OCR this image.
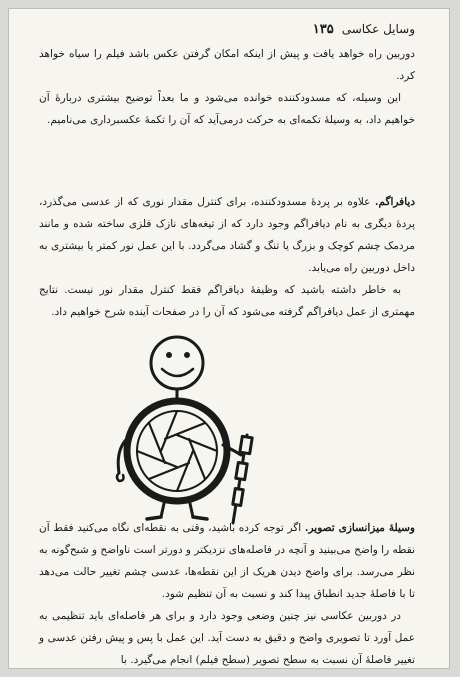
وسایل عکاسی
۱۳۵

دوربین راه خواهد یافت و پیش از اینکه امکان گرفتن عکس باشد فیلم را سیاه خواهد کرد.

این وسیله، که مسدودکننده خوانده می‌شود و ما بعداً توضیح بیشتری دربارهٔ آن خواهیم داد، به وسیلهٔ تکمه‌ای به حرکت درمی‌آید که آن را تکمهٔ عکسبرداری می‌نامیم.

دیافراگم. علاوه بر پردهٔ مسدودکننده، برای کنترل مقدار نوری که از عدسی می‌گذرد، پردهٔ دیگری به نام دیافراگم وجود دارد که از تیغه‌های نازک فلزی ساخته شده و مانند مردمک چشم کوچک و بزرگ یا تنگ و گشاد می‌گردد. با این عمل نور کمتر یا بیشتری به داخل دوربین راه می‌یابد.

به خاطر داشته باشید که وظیفهٔ دیافراگم فقط کنترل مقدار نور نیست. نتایج مهمتری از عمل دیافراگم گرفته می‌شود که آن را در صفحات آینده شرح خواهیم داد.

وسیلهٔ میزانسازی تصویر. اگر توجه کرده باشید، وقتی به نقطه‌ای نگاه می‌کنید فقط آن نقطه را واضح می‌بینید و آنچه در فاصله‌های نزدیکتر و دورتر است ناواضح و شبح‌گونه به نظر می‌رسد. برای واضح دیدن هریک از این نقطه‌ها، عدسی چشم تغییر حالت می‌دهد تا با فاصلهٔ جدید انطباق پیدا کند و نسبت به آن تنظیم شود.

در دوربین عکاسی نیز چنین وضعی وجود دارد و برای هر فاصله‌ای باید تنظیمی به عمل آورد تا تصویری واضح و دقیق به دست آید. این عمل با پس و پیش رفتن عدسی و تغییر فاصلهٔ آن نسبت به سطح تصویر (سطح فیلم) انجام می‌گیرد. با
